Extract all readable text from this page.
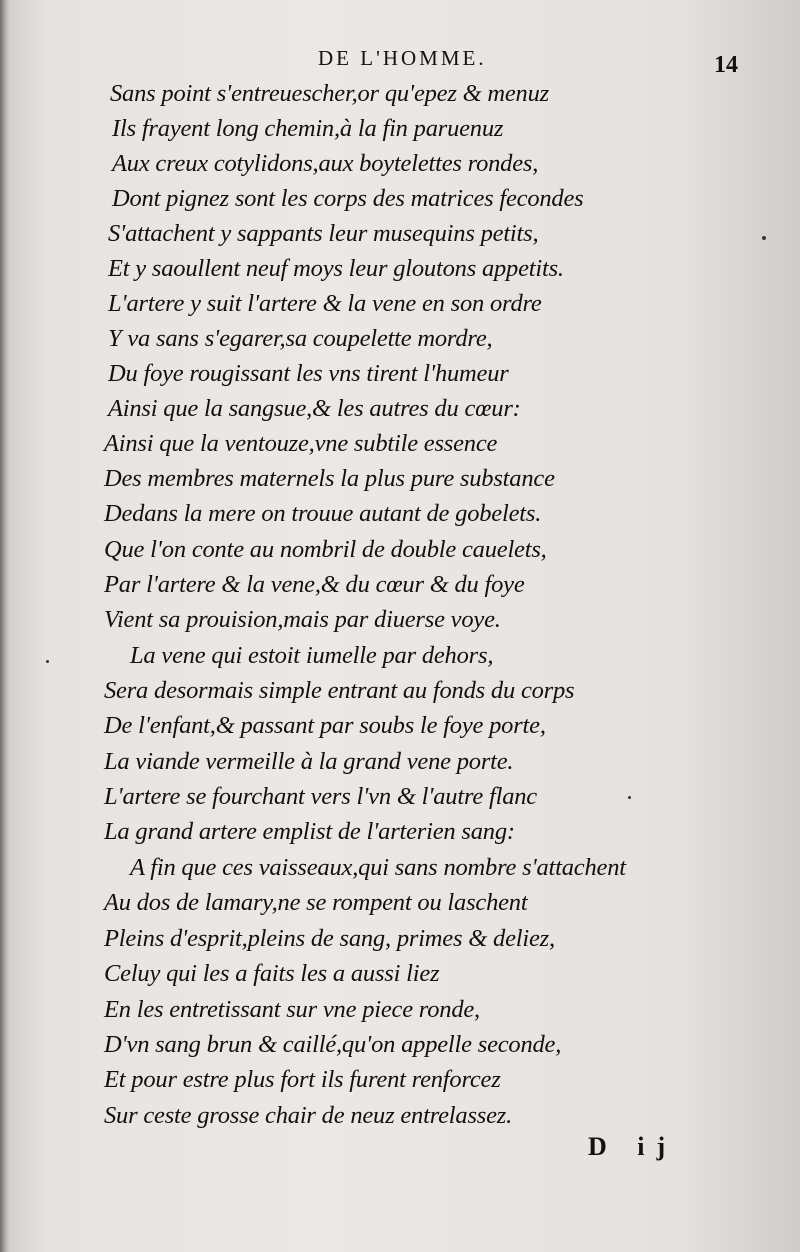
DE L'HOMME.	14
Sans point s'entreuescher,or qu'epez & menuz
Ils frayent long chemin,à la fin paruenuz
Aux creux cotylidons,aux boytelettes rondes,
Dont pignez sont les corps des matrices fecondes
S'attachent y sappants leur musequins petits,
Et y saoullent neuf moys leur gloutons appetits.
L'artere y suit l'artere & la vene en son ordre
Y va sans s'egarer,sa coupelette mordre,
Du foye rougissant les vns tirent l'humeur
Ainsi que la sangsue,& les autres du cœur:
Ainsi que la ventouze,vne subtile essence
Des membres maternels la plus pure substance
Dedans la mere on trouue autant de gobelets.
Que l'on conte au nombril de double cauelets,
Par l'artere & la vene,& du cœur & du foye
Vient sa prouision,mais par diuerse voye.
La vene qui estoit iumelle par dehors,
Sera desormais simple entrant au fonds du corps
De l'enfant,& passant par soubs le foye porte,
La viande vermeille à la grand vene porte.
L'artere se fourchant vers l'vn & l'autre flanc
La grand artere emplist de l'arterien sang:
A fin que ces vaisseaux,qui sans nombre s'attachent
Au dos de lamary,ne se rompent ou laschent
Pleins d'esprit,pleins de sang, primes & deliez,
Celuy qui les a faits les a aussi liez
En les entretissant sur vne piece ronde,
D'vn sang brun & caillé,qu'on appelle seconde,
Et pour estre plus fort ils furent renforcez
Sur ceste grosse chair de neuz entrelassez.
D ij
